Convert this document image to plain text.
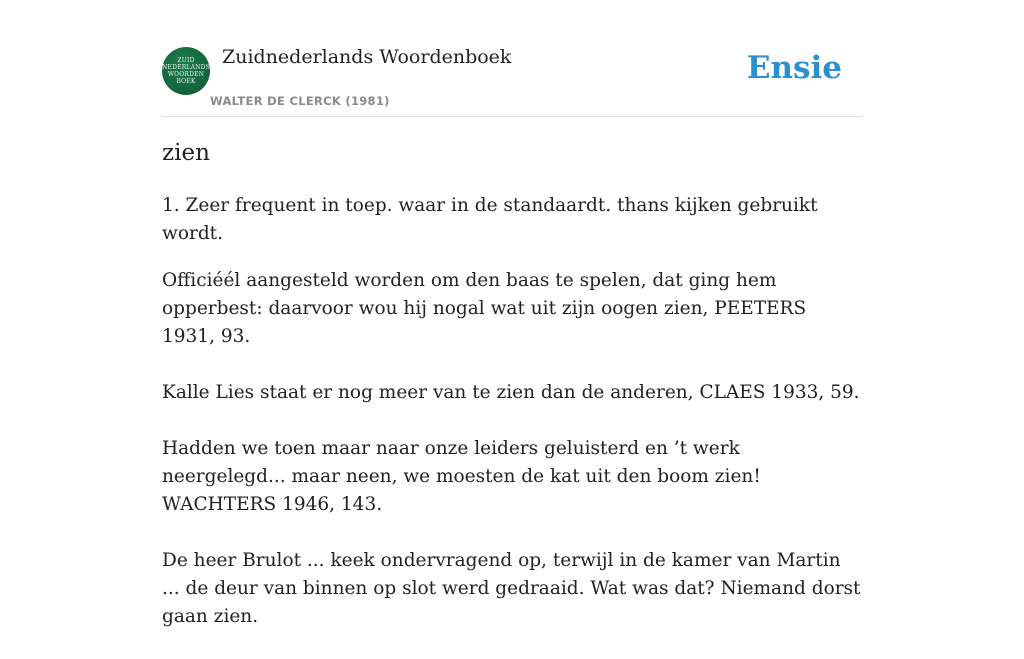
ZUID
NEDERLANDS
WOORDEN
BOEK
Zuidnederlands Woordenboek
WALTER DE CLERCK (1981)
Ensie
zien

1. Zeer frequent in toep. waar in de standaardt. thans kijken gebruikt wordt.

Officiéél aangesteld worden om den baas te spelen, dat ging hem opperbest: daarvoor wou hij nogal wat uit zijn oogen zien, PEETERS 1931, 93.

Kalle Lies staat er nog meer van te zien dan de anderen, CLAES 1933, 59.

Hadden we toen maar naar onze leiders geluisterd en ’t werk neergelegd... maar neen, we moesten de kat uit den boom zien! WACHTERS 1946, 143.

De heer Brulot ... keek ondervragend op, terwijl in de kamer van Martin ... de deur van binnen op slot werd gedraaid. Wat was dat? Niemand dorst gaan zien.
